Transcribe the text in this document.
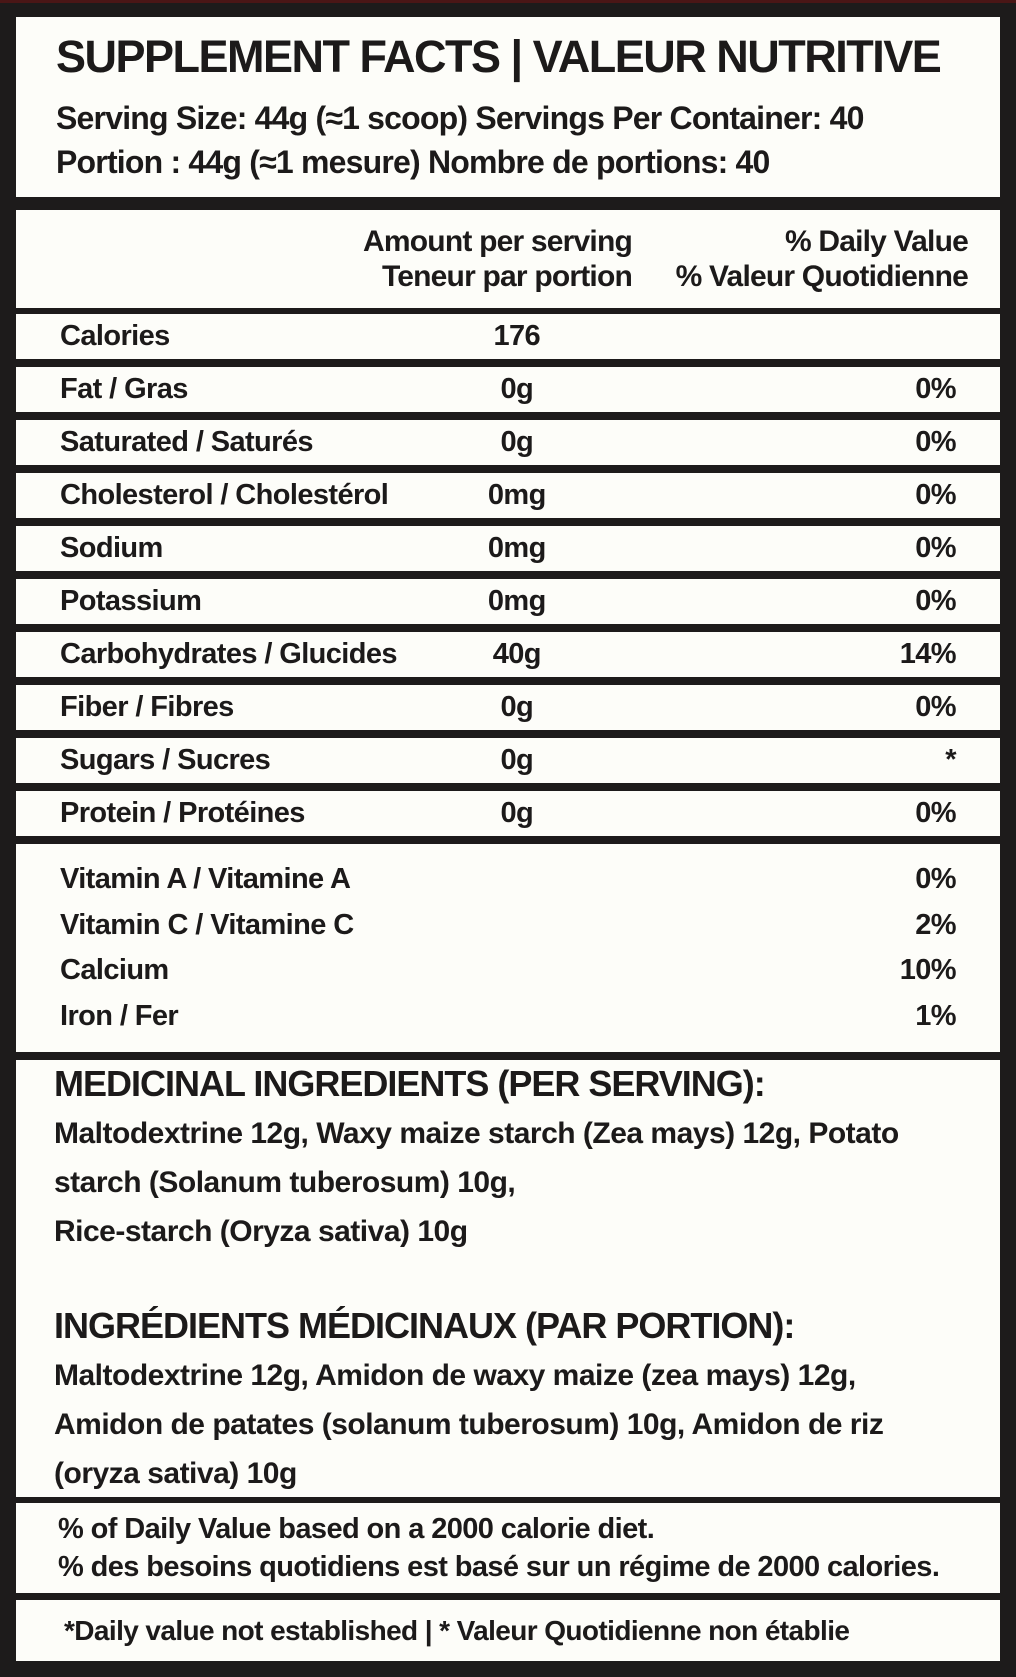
SUPPLEMENT FACTS | VALEUR NUTRITIVE
Serving Size: 44g (≈1 scoop) Servings Per Container: 40
Portion : 44g (≈1 mesure) Nombre de portions: 40
Amount per serving	% Daily Value
Teneur par portion	% Valeur Quotidienne
Calories	176
Fat / Gras	0g	0%
Saturated / Saturés	0g	0%
Cholesterol / Cholestérol	0mg	0%
Sodium	0mg	0%
Potassium	0mg	0%
Carbohydrates / Glucides	40g	14%
Fiber / Fibres	0g	0%
Sugars / Sucres	0g	*
Protein / Protéines	0g	0%
Vitamin A / Vitamine A	0%
Vitamin C / Vitamine C	2%
Calcium	10%
Iron / Fer	1%
MEDICINAL INGREDIENTS (PER SERVING):
Maltodextrine 12g, Waxy maize starch (Zea mays) 12g, Potato
starch (Solanum tuberosum) 10g,
Rice-starch (Oryza sativa) 10g
INGRÉDIENTS MÉDICINAUX (PAR PORTION):
Maltodextrine 12g, Amidon de waxy maize (zea mays) 12g,
Amidon de patates (solanum tuberosum) 10g, Amidon de riz
(oryza sativa) 10g
% of Daily Value based on a 2000 calorie diet.
% des besoins quotidiens est basé sur un régime de 2000 calories.
*Daily value not established | * Valeur Quotidienne non établie
